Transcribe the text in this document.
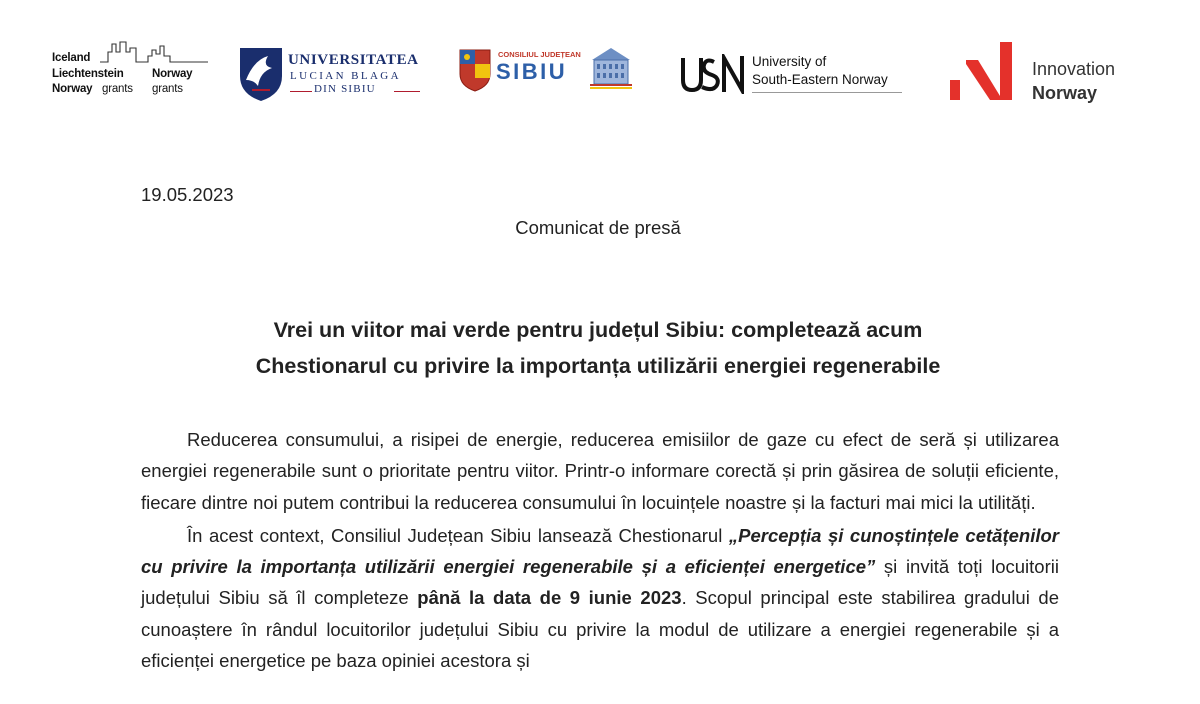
Iceland
Liechtenstein Norway
Norway grants grants
UNIVERSITATEA
LUCIAN BLAGA
DIN SIBIU
CONSILIUL JUDEȚEAN
SIBIU	University of
South-Eastern Norway
Innovation
Norway
19.05.2023
Comunicat de presă
Vrei un viitor mai verde pentru județul Sibiu: completează acum
Chestionarul cu privire la importanța utilizării energiei regenerabile

Reducerea consumului, a risipei de energie, reducerea emisiilor de gaze cu efect de seră și utilizarea energiei regenerabile sunt o prioritate pentru viitor. Printr-o informare corectă și prin găsirea de soluții eficiente, fiecare dintre noi putem contribui la reducerea consumului în locuințele noastre și la facturi mai mici la utilități.

În acest context, Consiliul Județean Sibiu lansează Chestionarul „Percepția și cunoștințele cetățenilor cu privire la importanța utilizării energiei regenerabile și a eficienței energetice” și invită toți locuitorii județului Sibiu să îl completeze până la data de 9 iunie 2023. Scopul principal este stabilirea gradului de cunoaștere în rândul locuitorilor județului Sibiu cu privire la modul de utilizare a energiei regenerabile și a eficienței energetice pe baza opiniei acestora și
